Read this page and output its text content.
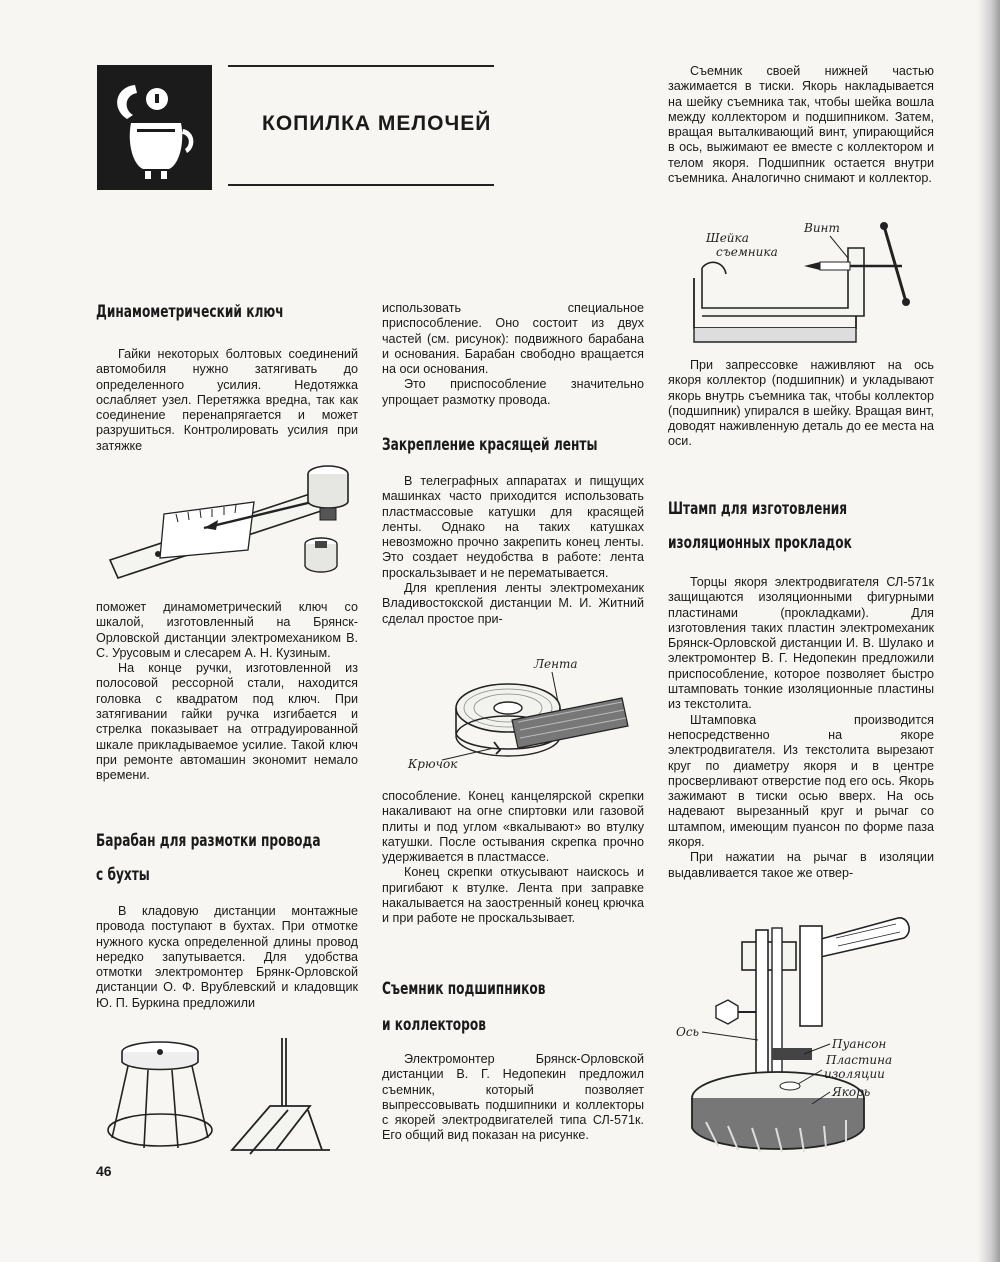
КОПИЛКА МЕЛОЧЕЙ
Динамометрический ключ

Гайки некоторых болтовых соединений автомобиля нужно затягивать до определенного усилия. Недотяжка ослабляет узел. Перетяжка вредна, так как соединение перенапрягается и может разрушиться. Контролировать усилия при затяжке

поможет динамометрический ключ со шкалой, изготовленный на Брянск-Орловской дистанции электромехаником В. С. Урусовым и слесарем А. Н. Кузиным.

На конце ручки, изготовленной из полосовой рессорной стали, находится головка с квадратом под ключ. При затягивании гайки ручка изгибается и стрелка показывает на отградуированной шкале прикладываемое усилие. Такой ключ при ремонте автомашин экономит немало времени.

Барабан для размотки провода
с бухты

В кладовую дистанции монтажные провода поступают в бухтах. При отмотке нужного куска определенной длины провод нередко запутывается. Для удобства отмотки электромонтер Брянк-Орловской дистанции О. Ф. Врублевский и кладовщик Ю. П. Буркина предложили

использовать специальное приспособление. Оно состоит из двух частей (см. рисунок): подвижного барабана и основания. Барабан свободно вращается на оси основания.

Это приспособление значительно упрощает размотку провода.

Закрепление красящей ленты

В телеграфных аппаратах и пищущих машинках часто приходится использовать пластмассовые катушки для красящей ленты. Однако на таких катушках невозможно прочно закрепить конец ленты. Это создает неудобства в работе: лента проскальзывает и не перематывается.

Для крепления ленты электромеханик Владивостокской дистанции М. И. Житний сделал простое при-

Лента
Крючок

способление. Конец канцелярской скрепки накаливают на огне спиртовки или газовой плиты и под углом «вкалывают» во втулку катушки. После остывания скрепка прочно удерживается в пластмассе.

Конец скрепки откусывают наискось и пригибают к втулке. Лента при заправке накалывается на заостренный конец крючка и при работе не проскальзывает.

Съемник подшипников
и коллекторов

Электромонтер Брянск-Орловской дистанции В. Г. Недопекин предложил съемник, который позволяет выпрессовывать подшипники и коллекторы с якорей электродвигателей типа СЛ-571к. Его общий вид показан на рисунке.

Съемник своей нижней частью зажимается в тиски. Якорь накладывается на шейку съемника так, чтобы шейка вошла между коллектором и подшипником. Затем, вращая выталкивающий винт, упирающийся в ось, выжимают ее вместе с коллектором и телом якоря. Подшипник остается внутри съемника. Аналогично снимают и коллектор.

Шейка
съемника
Винт

При запрессовке наживляют на ось якоря коллектор (подшипник) и укладывают якорь внутрь съемника так, чтобы коллектор (подшипник) упирался в шейку. Вращая винт, доводят наживленную деталь до ее места на оси.

Штамп для изготовления
изоляционных прокладок

Торцы якоря электродвигателя СЛ-571к защищаются изоляционными фигурными пластинами (прокладками). Для изготовления таких пластин электромеханик Брянск-Орловской дистанции И. В. Шулако и электромонтер В. Г. Недопекин предложили приспособление, которое позволяет быстро штамповать тонкие изоляционные пластины из текстолита.

Штамповка производится непосредственно на якоре электродвигателя. Из текстолита вырезают круг по диаметру якоря и в центре просверливают отверстие под его ось. Якорь зажимают в тиски осью вверх. На ось надевают вырезанный круг и рычаг со штампом, имеющим пуансон по форме паза якоря.

При нажатии на рычаг в изоляции выдавливается такое же отвер-

Ось
Пуансон
Пластина
изоляции
Якорь
46
